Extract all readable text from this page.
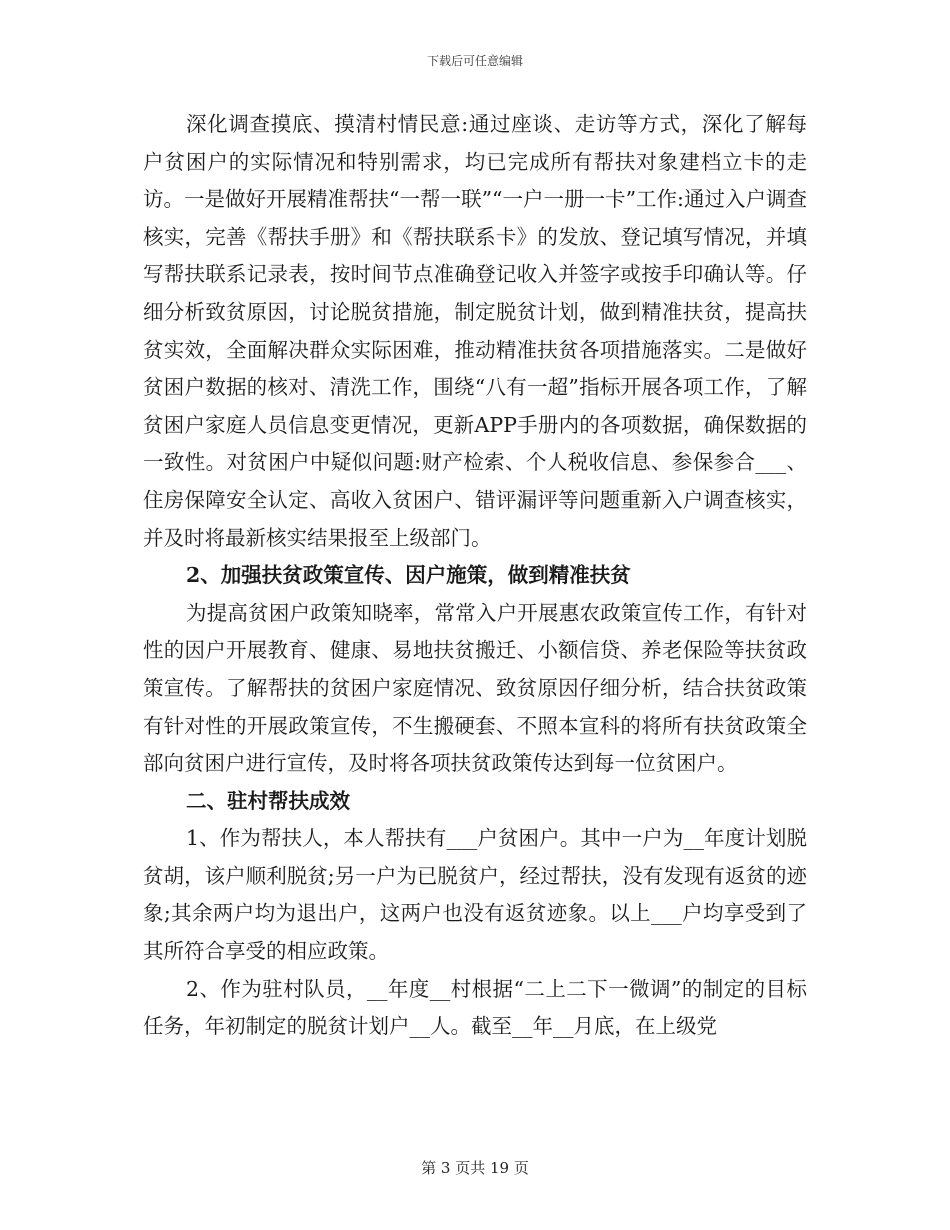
下载后可任意编辑

深化调查摸底、摸清村情民意:通过座谈、走访等方式，深化了解每户贫困户的实际情况和特别需求，均已完成所有帮扶对象建档立卡的走访。一是做好开展精准帮扶“一帮一联”“一户一册一卡”工作:通过入户调查核实，完善《帮扶手册》和《帮扶联系卡》的发放、登记填写情况，并填写帮扶联系记录表，按时间节点准确登记收入并签字或按手印确认等。仔细分析致贫原因，讨论脱贫措施，制定脱贫计划，做到精准扶贫，提高扶贫实效，全面解决群众实际困难，推动精准扶贫各项措施落实。二是做好贫困户数据的核对、清洗工作，围绕“八有一超”指标开展各项工作，了解贫困户家庭人员信息变更情况，更新APP手册内的各项数据，确保数据的一致性。对贫困户中疑似问题:财产检索、个人税收信息、参保参合___、住房保障安全认定、高收入贫困户、错评漏评等问题重新入户调查核实，并及时将最新核实结果报至上级部门。

2、加强扶贫政策宣传、因户施策，做到精准扶贫

为提高贫困户政策知晓率，常常入户开展惠农政策宣传工作，有针对性的因户开展教育、健康、易地扶贫搬迁、小额信贷、养老保险等扶贫政策宣传。了解帮扶的贫困户家庭情况、致贫原因仔细分析，结合扶贫政策有针对性的开展政策宣传，不生搬硬套、不照本宣科的将所有扶贫政策全部向贫困户进行宣传，及时将各项扶贫政策传达到每一位贫困户。

二、驻村帮扶成效

1、作为帮扶人，本人帮扶有___户贫困户。其中一户为__年度计划脱贫胡，该户顺利脱贫;另一户为已脱贫户，经过帮扶，没有发现有返贫的迹象;其余两户均为退出户，这两户也没有返贫迹象。以上___户均享受到了其所符合享受的相应政策。

2、作为驻村队员，__年度__村根据“二上二下一微调”的制定的目标任务，年初制定的脱贫计划户__人。截至__年__月底，在上级党

第 3 页共 19 页
